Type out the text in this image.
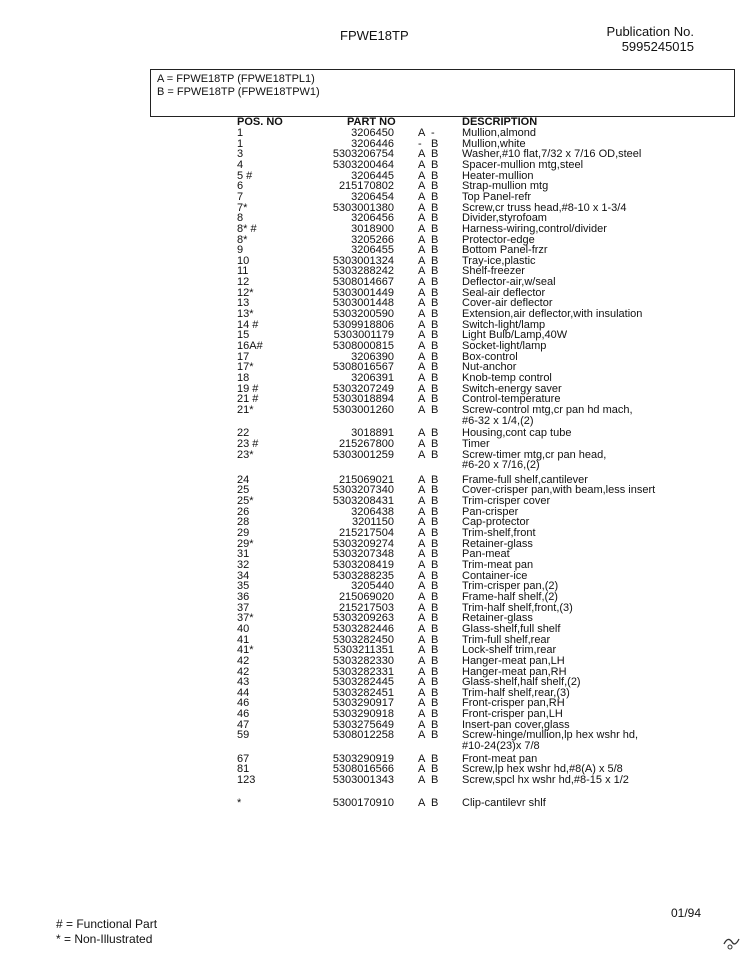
FPWE18TP	Publication No.
5995245015
A = FPWE18TP (FPWE18TPL1)
B = FPWE18TP (FPWE18TPW1)
POS. NO	PART NO	DESCRIPTION
1	3206450 A - Mullion,almond
1	3206446 - B Mullion,white
3	5303206754 A B Washer,#10 flat,7/32 x 7/16 OD,steel
4	5303200464 A B Spacer-mullion mtg,steel
5 #	3206445 A B Heater-mullion
6	215170802 A B Strap-mullion mtg
7	3206454 A B Top Panel-refr
7*	5303001380 A B Screw,cr truss head,#8-10 x 1-3/4
8	3206456 A B Divider,styrofoam
8* #	3018900 A B Harness-wiring,control/divider
8*	3205266 A B Protector-edge
9	3206455 A B Bottom Panel-frzr
10	5303001324 A B Tray-ice,plastic
11	5303288242 A B Shelf-freezer
12	5308014667 A B Deflector-air,w/seal
12*	5303001449 A B Seal-air deflector
13	5303001448 A B Cover-air deflector
13*	5303200590 A B Extension,air deflector,with insulation
14 #	5309918806 A B Switch-light/lamp
15	5303001179 A B Light Bulb/Lamp,40W
16A#	5308000815 A B Socket-light/lamp
17	3206390 A B Box-control
17*	5308016567 A B Nut-anchor
18	3206391 A B Knob-temp control
19 #	5303207249 A B Switch-energy saver
21 #	5303018894 A B Control-temperature
21*	5303001260 A B Screw-control mtg,cr pan hd mach,
#6-32 x 1/4,(2)
22	3018891 A B Housing,cont cap tube
23 #	215267800 A B Timer
23*	5303001259 A B Screw-timer mtg,cr pan head,
#6-20 x 7/16,(2)
24	215069021 A B Frame-full shelf,cantilever
25	5303207340 A B Cover-crisper pan,with beam,less insert
25*	5303208431 A B Trim-crisper cover
26	3206438 A B Pan-crisper
28	3201150 A B Cap-protector
29	215217504 A B Trim-shelf,front
29*	5303209274 A B Retainer-glass
31	5303207348 A B Pan-meat
32	5303208419 A B Trim-meat pan
34	5303288235 A B Container-ice
35	3205440 A B Trim-crisper pan,(2)
36	215069020 A B Frame-half shelf,(2)
37	215217503 A B Trim-half shelf,front,(3)
37*	5303209263 A B Retainer-glass
40	5303282446 A B Glass-shelf,full shelf
41	5303282450 A B Trim-full shelf,rear
41*	5303211351 A B Lock-shelf trim,rear
42	5303282330 A B Hanger-meat pan,LH
42	5303282331 A B Hanger-meat pan,RH
43	5303282445 A B Glass-shelf,half shelf,(2)
44	5303282451 A B Trim-half shelf,rear,(3)
46	5303290917 A B Front-crisper pan,RH
46	5303290918 A B Front-crisper pan,LH
47	5303275649 A B Insert-pan cover,glass
59	5308012258 A B Screw-hinge/mullion,lp hex wshr hd,
#10-24(23)x 7/8
67	5303290919 A B Front-meat pan
81	5308016566 A B Screw,lp hex wshr hd,#8(A) x 5/8
123	5303001343 A B Screw,spcl hx wshr hd,#8-15 x 1/2
*	5300170910 A B Clip-cantilevr shlf
01/94
# = Functional Part
* = Non-Illustrated
